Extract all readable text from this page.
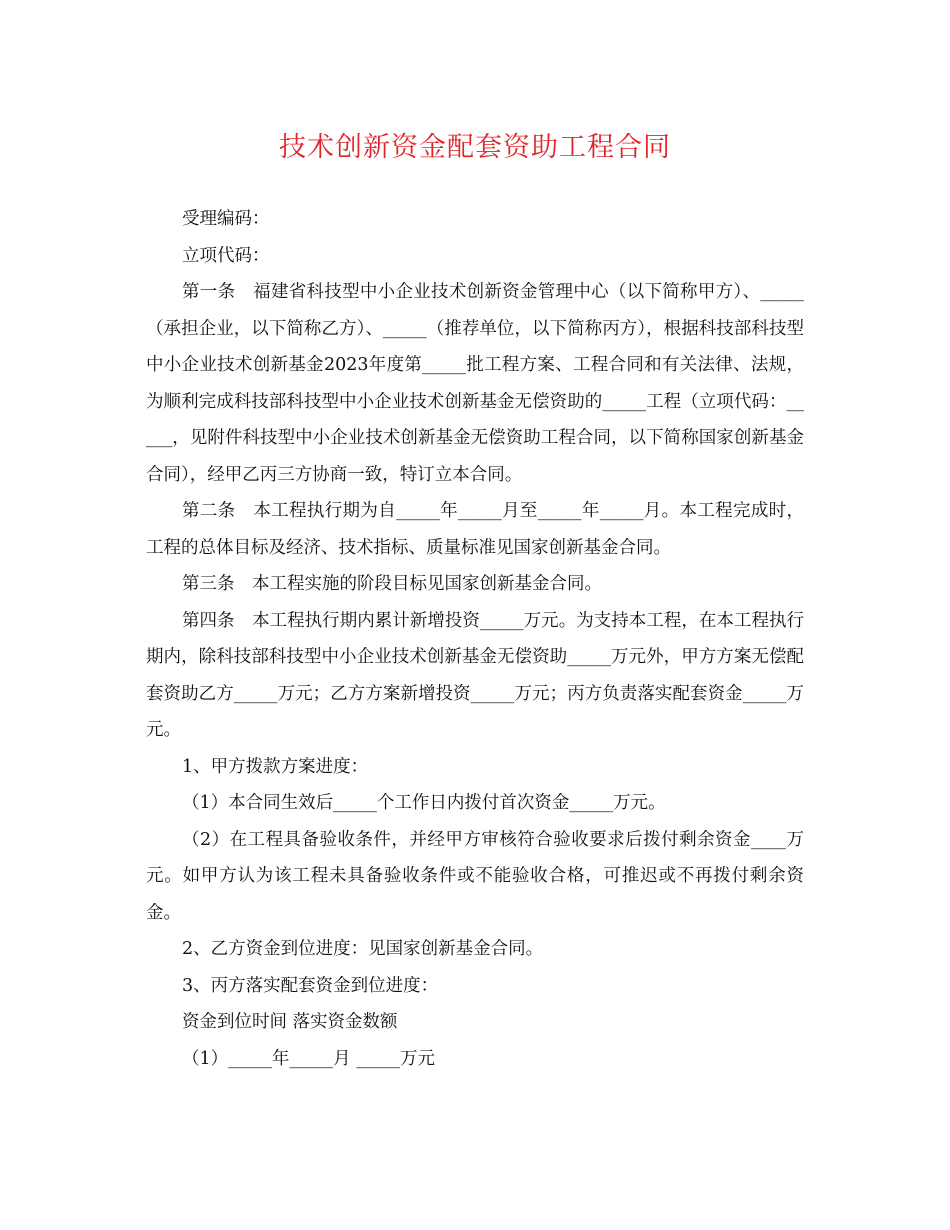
技术创新资金配套资助工程合同

受理编码：

立项代码：

第一条　福建省科技型中小企业技术创新资金管理中心（以下简称甲方）、_____（承担企业，以下简称乙方）、_____（推荐单位，以下简称丙方），根据科技部科技型中小企业技术创新基金2023年度第_____批工程方案、工程合同和有关法律、法规，为顺利完成科技部科技型中小企业技术创新基金无偿资助的_____工程（立项代码：_____，见附件科技型中小企业技术创新基金无偿资助工程合同，以下简称国家创新基金合同），经甲乙丙三方协商一致，特订立本合同。

第二条　本工程执行期为自_____年_____月至_____年_____月。本工程完成时，工程的总体目标及经济、技术指标、质量标准见国家创新基金合同。

第三条　本工程实施的阶段目标见国家创新基金合同。

第四条　本工程执行期内累计新增投资_____万元。为支持本工程，在本工程执行期内，除科技部科技型中小企业技术创新基金无偿资助_____万元外，甲方方案无偿配套资助乙方_____万元；乙方方案新增投资_____万元；丙方负责落实配套资金_____万元。

1、甲方拨款方案进度：

（1）本合同生效后_____个工作日内拨付首次资金_____万元。

（2）在工程具备验收条件，并经甲方审核符合验收要求后拨付剩余资金____万元。如甲方认为该工程未具备验收条件或不能验收合格，可推迟或不再拨付剩余资金。

2、乙方资金到位进度：见国家创新基金合同。

3、丙方落实配套资金到位进度：

资金到位时间 落实资金数额

（1）_____年_____月 _____万元
